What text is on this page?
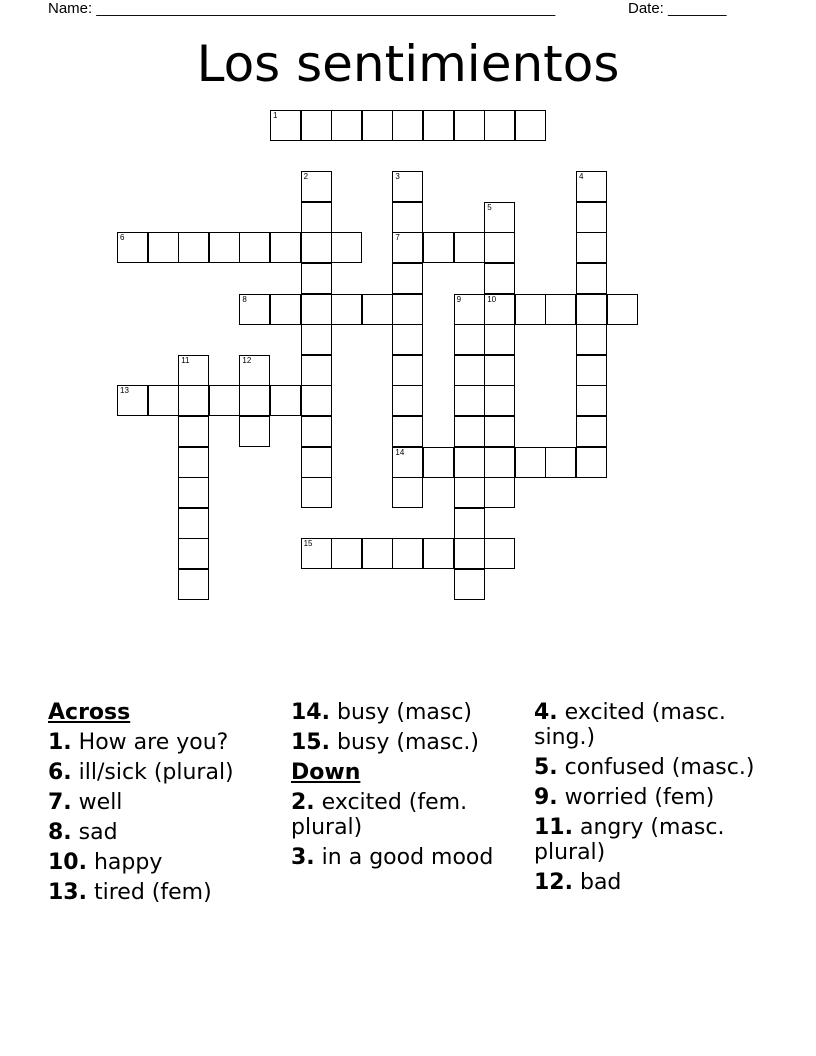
Name: _______________________________________________________	Date: _______
Los sentimientos
1
2	3
7
14
4
5
10
6
8	9
11	12
13
15
Across
1. How are you?
6. ill/sick (plural)
7. well
8. sad
10. happy
13. tired (fem)
14. busy (masc)
15. busy (masc.)
Down
2. excited (fem. plural)
3. in a good mood
4. excited (masc. sing.)
5. confused (masc.)
9. worried (fem)
11. angry (masc. plural)
12. bad
